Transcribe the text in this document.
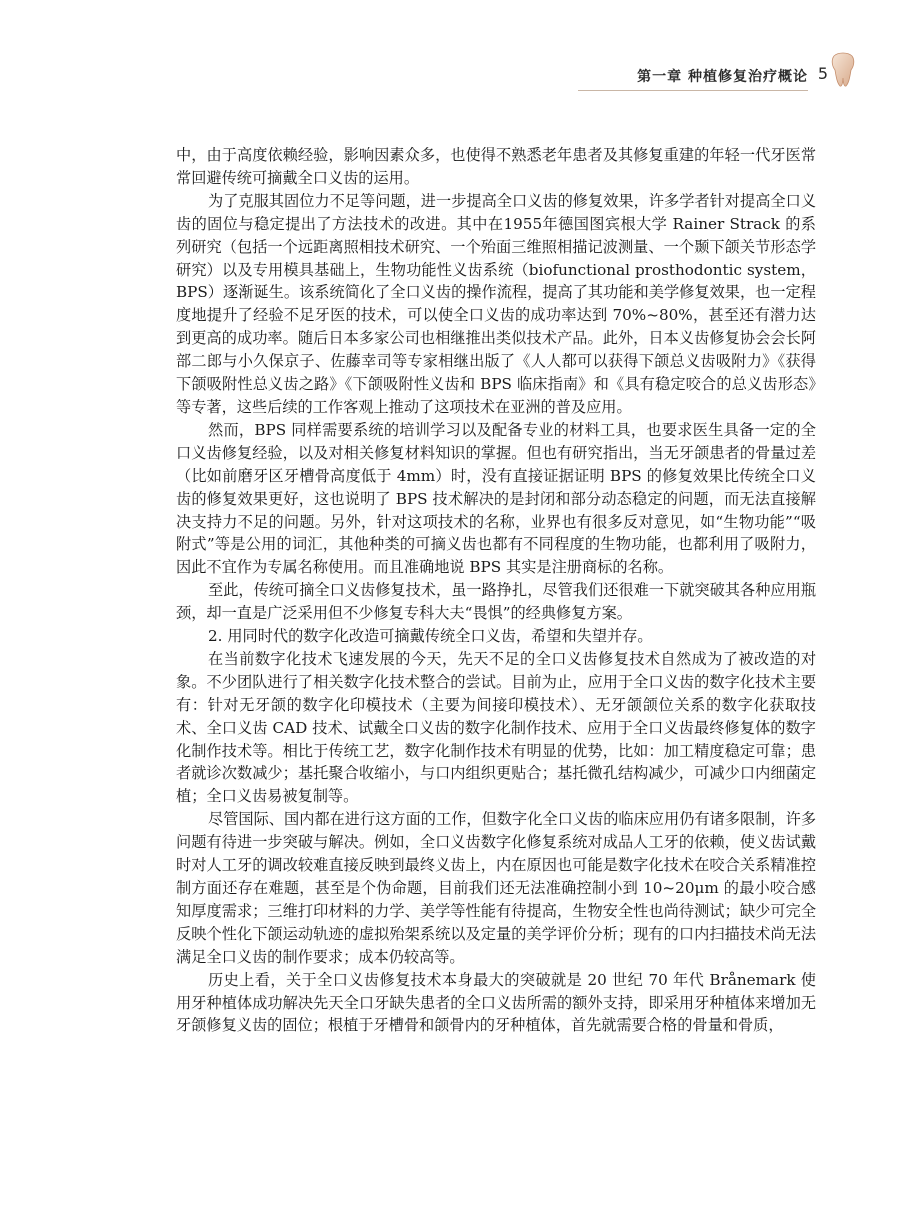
第一章 种植修复治疗概论 5

中，由于高度依赖经验，影响因素众多，也使得不熟悉老年患者及其修复重建的年轻一代牙医常常回避传统可摘戴全口义齿的运用。

为了克服其固位力不足等问题，进一步提高全口义齿的修复效果，许多学者针对提高全口义齿的固位与稳定提出了方法技术的改进。其中在1955年德国图宾根大学 Rainer Strack 的系列研究（包括一个远距离照相技术研究、一个殆面三维照相描记波测量、一个颞下颌关节形态学研究）以及专用模具基础上，生物功能性义齿系统（biofunctional prosthodontic system，BPS）逐渐诞生。该系统简化了全口义齿的操作流程，提高了其功能和美学修复效果，也一定程度地提升了经验不足牙医的技术，可以使全口义齿的成功率达到 70%~80%，甚至还有潜力达到更高的成功率。随后日本多家公司也相继推出类似技术产品。此外，日本义齿修复协会会长阿部二郎与小久保京子、佐藤幸司等专家相继出版了《人人都可以获得下颌总义齿吸附力》《获得下颌吸附性总义齿之路》《下颌吸附性义齿和 BPS 临床指南》和《具有稳定咬合的总义齿形态》等专著，这些后续的工作客观上推动了这项技术在亚洲的普及应用。

然而，BPS 同样需要系统的培训学习以及配备专业的材料工具，也要求医生具备一定的全口义齿修复经验，以及对相关修复材料知识的掌握。但也有研究指出，当无牙颌患者的骨量过差（比如前磨牙区牙槽骨高度低于 4mm）时，没有直接证据证明 BPS 的修复效果比传统全口义齿的修复效果更好，这也说明了 BPS 技术解决的是封闭和部分动态稳定的问题，而无法直接解决支持力不足的问题。另外，针对这项技术的名称，业界也有很多反对意见，如“生物功能”“吸附式”等是公用的词汇，其他种类的可摘义齿也都有不同程度的生物功能，也都利用了吸附力，因此不宜作为专属名称使用。而且准确地说 BPS 其实是注册商标的名称。

至此，传统可摘全口义齿修复技术，虽一路挣扎，尽管我们还很难一下就突破其各种应用瓶颈，却一直是广泛采用但不少修复专科大夫“畏惧”的经典修复方案。

2. 用同时代的数字化改造可摘戴传统全口义齿，希望和失望并存。

在当前数字化技术飞速发展的今天，先天不足的全口义齿修复技术自然成为了被改造的对象。不少团队进行了相关数字化技术整合的尝试。目前为止，应用于全口义齿的数字化技术主要有：针对无牙颌的数字化印模技术（主要为间接印模技术）、无牙颌颌位关系的数字化获取技术、全口义齿 CAD 技术、试戴全口义齿的数字化制作技术、应用于全口义齿最终修复体的数字化制作技术等。相比于传统工艺，数字化制作技术有明显的优势，比如：加工精度稳定可靠；患者就诊次数减少；基托聚合收缩小，与口内组织更贴合；基托微孔结构减少，可减少口内细菌定植；全口义齿易被复制等。

尽管国际、国内都在进行这方面的工作，但数字化全口义齿的临床应用仍有诸多限制，许多问题有待进一步突破与解决。例如，全口义齿数字化修复系统对成品人工牙的依赖，使义齿试戴时对人工牙的调改较难直接反映到最终义齿上，内在原因也可能是数字化技术在咬合关系精准控制方面还存在难题，甚至是个伪命题，目前我们还无法准确控制小到 10~20μm 的最小咬合感知厚度需求；三维打印材料的力学、美学等性能有待提高，生物安全性也尚待测试；缺少可完全反映个性化下颌运动轨迹的虚拟殆架系统以及定量的美学评价分析；现有的口内扫描技术尚无法满足全口义齿的制作要求；成本仍较高等。

历史上看，关于全口义齿修复技术本身最大的突破就是 20 世纪 70 年代 Brånemark 使用牙种植体成功解决先天全口牙缺失患者的全口义齿所需的额外支持，即采用牙种植体来增加无牙颌修复义齿的固位；根植于牙槽骨和颌骨内的牙种植体，首先就需要合格的骨量和骨质，
